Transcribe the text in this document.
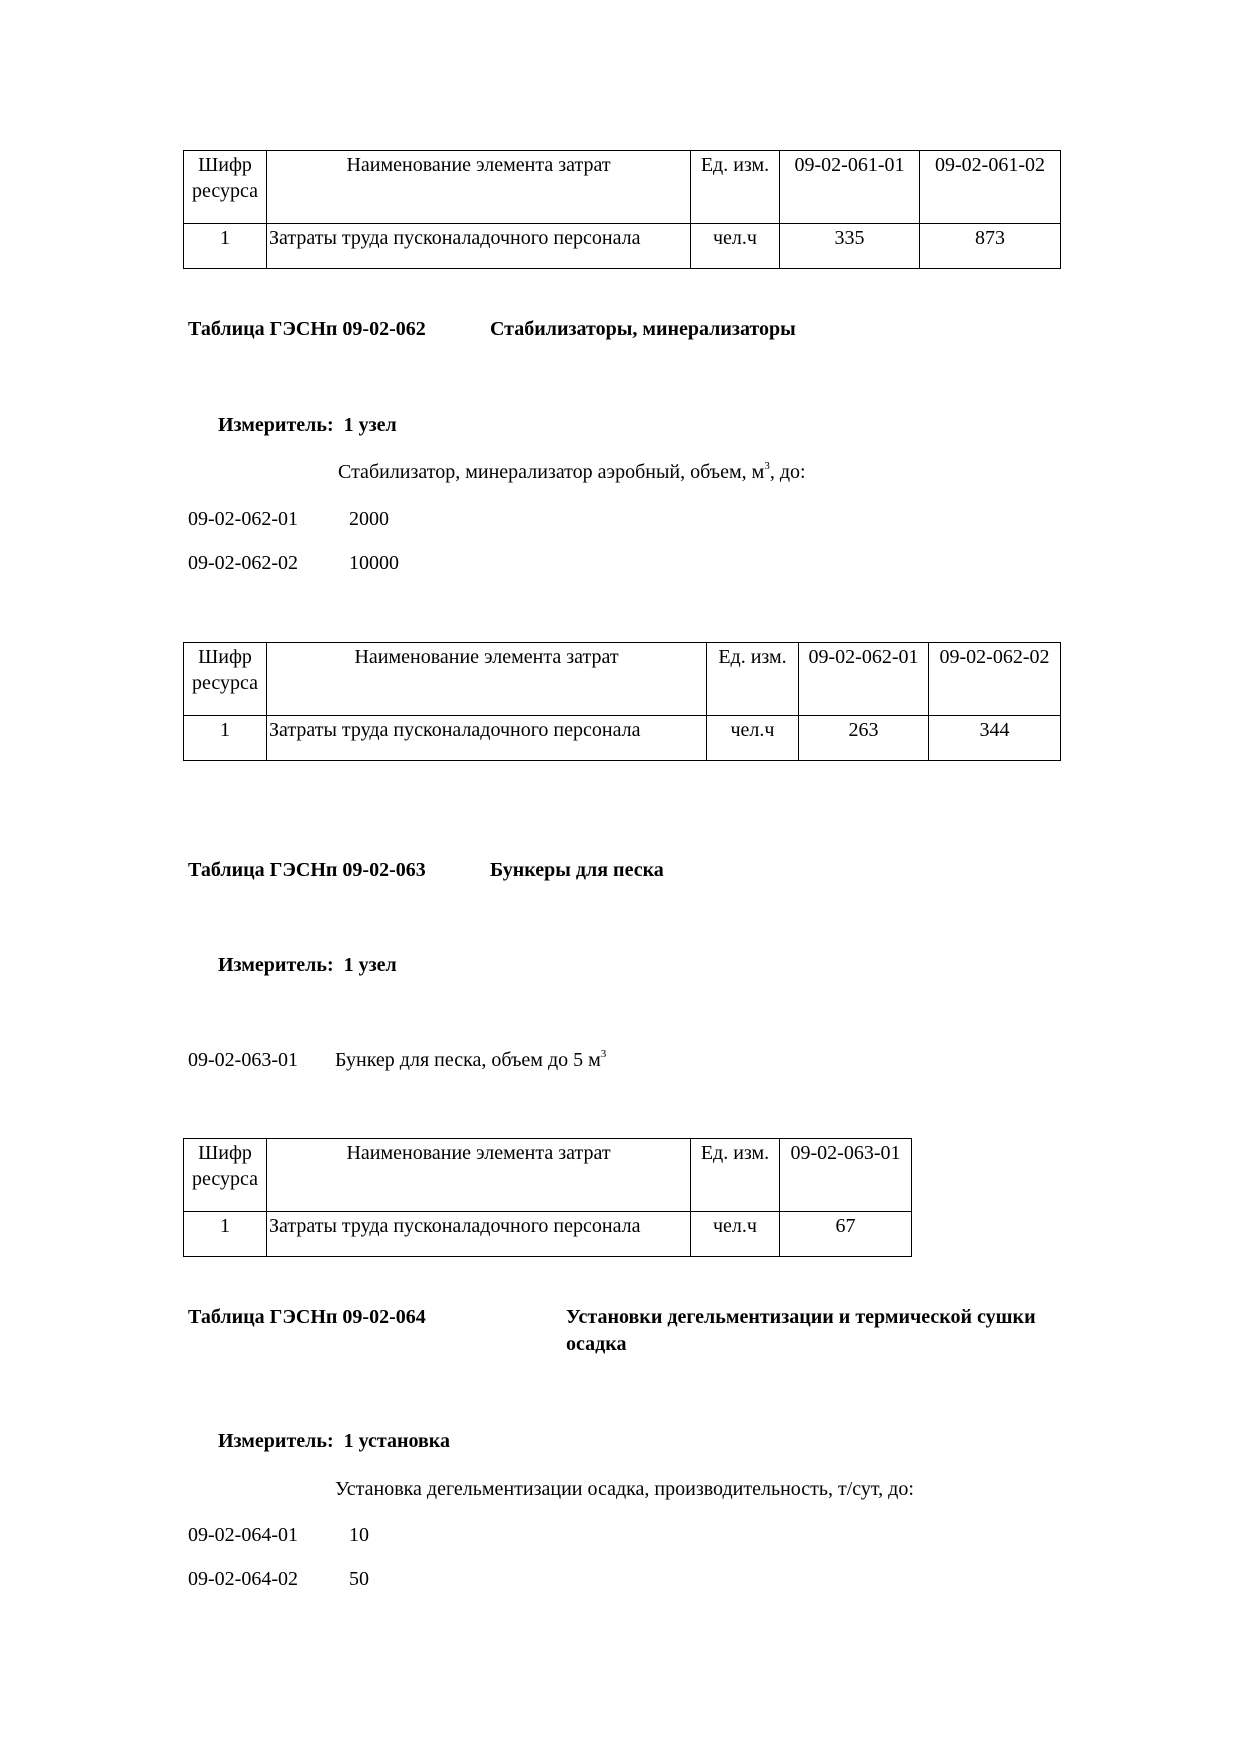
Шифр ресурса	Наименование элемента затрат	Ед. изм.	09-02-061-01	09-02-061-02
1	Затраты труда пусконаладочного персонала	чел.ч	335	873
Таблица ГЭСНп 09-02-062	Стабилизаторы, минерализаторы
Измеритель: 1 узел
Стабилизатор, минерализатор аэробный, объем, $м^3$, до:
09-02-062-01	2000
09-02-062-02	10000
Шифр ресурса	Наименование элемента затрат	Ед. изм.	09-02-062-01	09-02-062-02
1	Затраты труда пусконаладочного персонала	чел.ч	263	344
Таблица ГЭСНп 09-02-063	Бункеры для песка
Измеритель: 1 узел
09-02-063-01 Бункер для песка, объем до 5 $м^3$
Шифр ресурса	Наименование элемента затрат	Ед. изм.	09-02-063-01
1	Затраты труда пусконаладочного персонала	чел.ч	67
Таблица ГЭСНп 09-02-064	Установки дегельментизации и термической сушки
осадка
Измеритель: 1 установка
Установка дегельментизации осадка, производительность, т/сут, до:
09-02-064-01	10
09-02-064-02	50
